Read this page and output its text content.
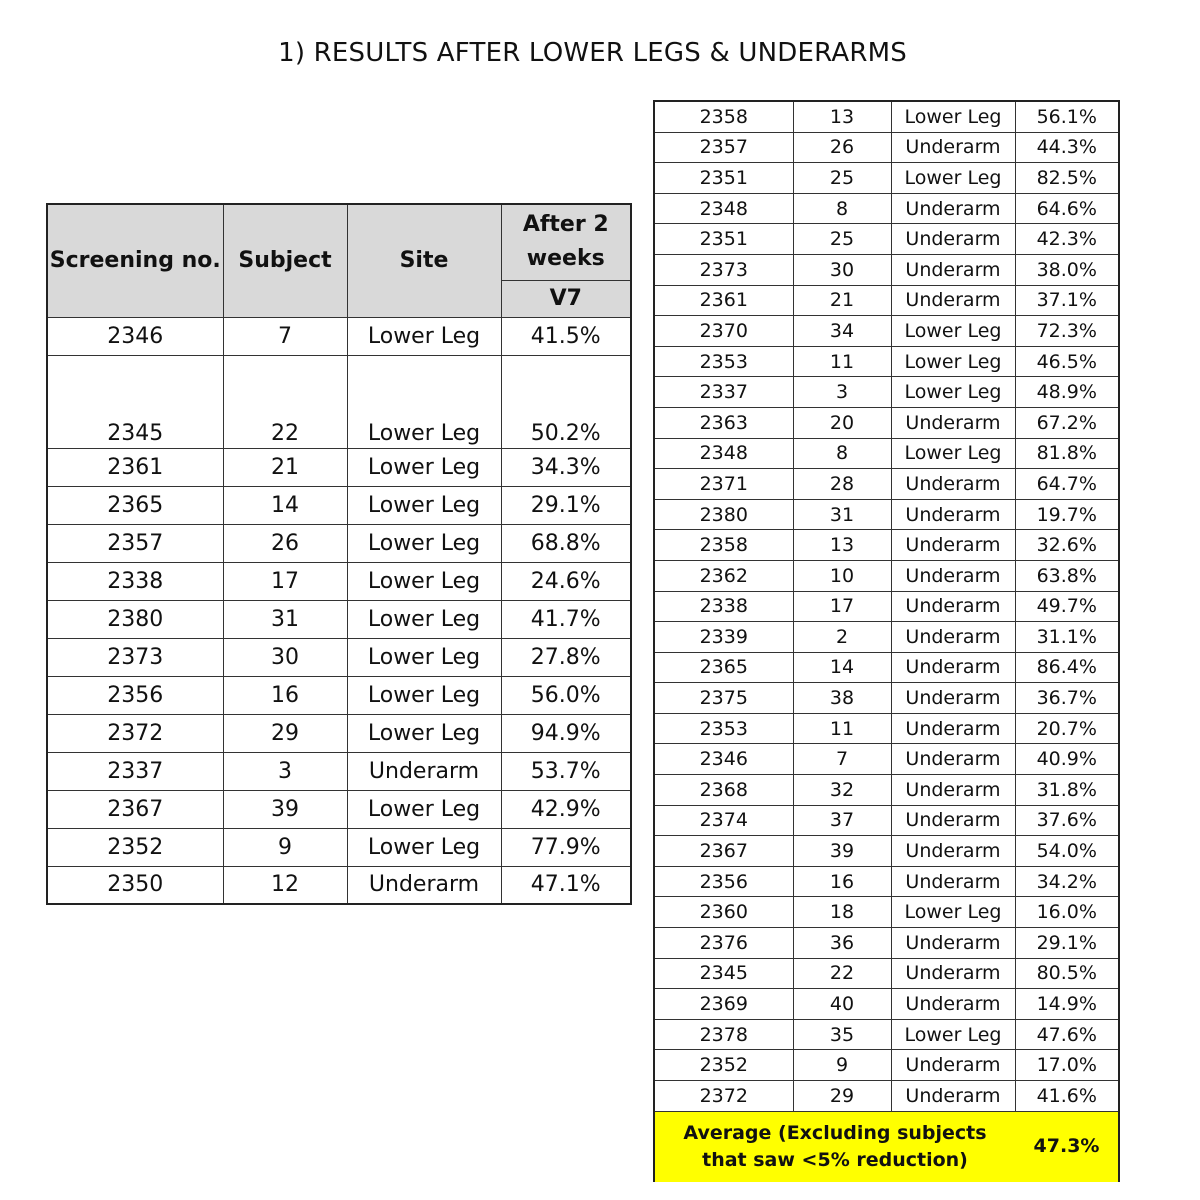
1) RESULTS AFTER LOWER LEGS & UNDERARMS
Screening no.	Subject	Site	After 2 weeks
			V7
2346	7	Lower Leg	41.5%
2345	22	Lower Leg	50.2%
2361	21	Lower Leg	34.3%
2365	14	Lower Leg	29.1%
2357	26	Lower Leg	68.8%
2338	17	Lower Leg	24.6%
2380	31	Lower Leg	41.7%
2373	30	Lower Leg	27.8%
2356	16	Lower Leg	56.0%
2372	29	Lower Leg	94.9%
2337	3	Underarm	53.7%
2367	39	Lower Leg	42.9%
2352	9	Lower Leg	77.9%
2350	12	Underarm	47.1%
2358	13	Lower Leg	56.1%
2357	26	Underarm	44.3%
2351	25	Lower Leg	82.5%
2348	8	Underarm	64.6%
2351	25	Underarm	42.3%
2373	30	Underarm	38.0%
2361	21	Underarm	37.1%
2370	34	Lower Leg	72.3%
2353	11	Lower Leg	46.5%
2337	3	Lower Leg	48.9%
2363	20	Underarm	67.2%
2348	8	Lower Leg	81.8%
2371	28	Underarm	64.7%
2380	31	Underarm	19.7%
2358	13	Underarm	32.6%
2362	10	Underarm	63.8%
2338	17	Underarm	49.7%
2339	2	Underarm	31.1%
2365	14	Underarm	86.4%
2375	38	Underarm	36.7%
2353	11	Underarm	20.7%
2346	7	Underarm	40.9%
2368	32	Underarm	31.8%
2374	37	Underarm	37.6%
2367	39	Underarm	54.0%
2356	16	Underarm	34.2%
2360	18	Lower Leg	16.0%
2376	36	Underarm	29.1%
2345	22	Underarm	80.5%
2369	40	Underarm	14.9%
2378	35	Lower Leg	47.6%
2352	9	Underarm	17.0%
2372	29	Underarm	41.6%
Average (Excluding subjects that saw <5% reduction)			47.3%
